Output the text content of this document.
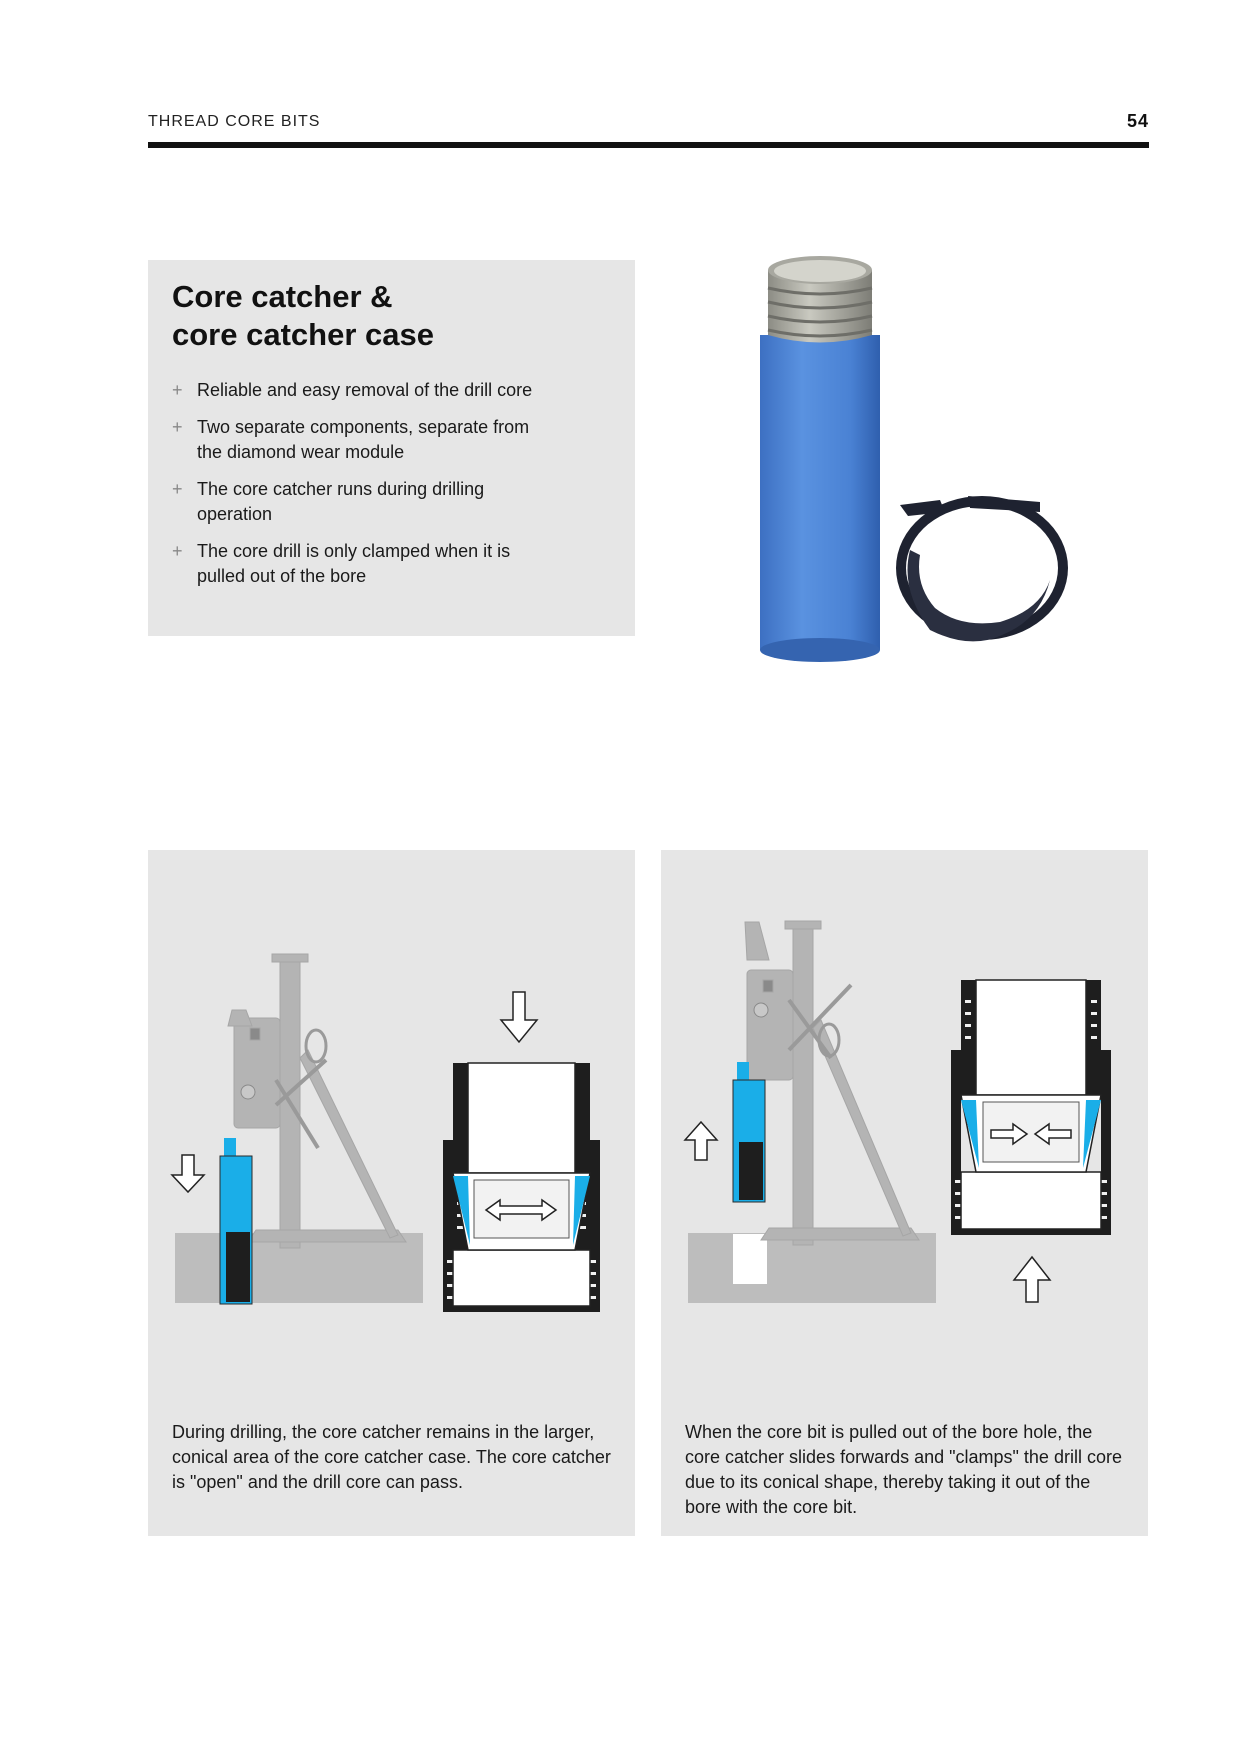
THREAD CORE BITS	54
Core catcher &
core catcher case
+ Reliable and easy removal of the drill core
+ Two separate components, separate from the diamond wear module
+ The core catcher runs during drilling operation
+ The core drill is only clamped when it is pulled out of the bore

During drilling, the core catcher remains in the larger, conical area of the core catcher case. The core catcher is "open" and the drill core can pass.

When the core bit is pulled out of the bore hole, the core catcher slides forwards and "clamps" the drill core due to its conical shape, thereby taking it out of the bore with the core bit.
